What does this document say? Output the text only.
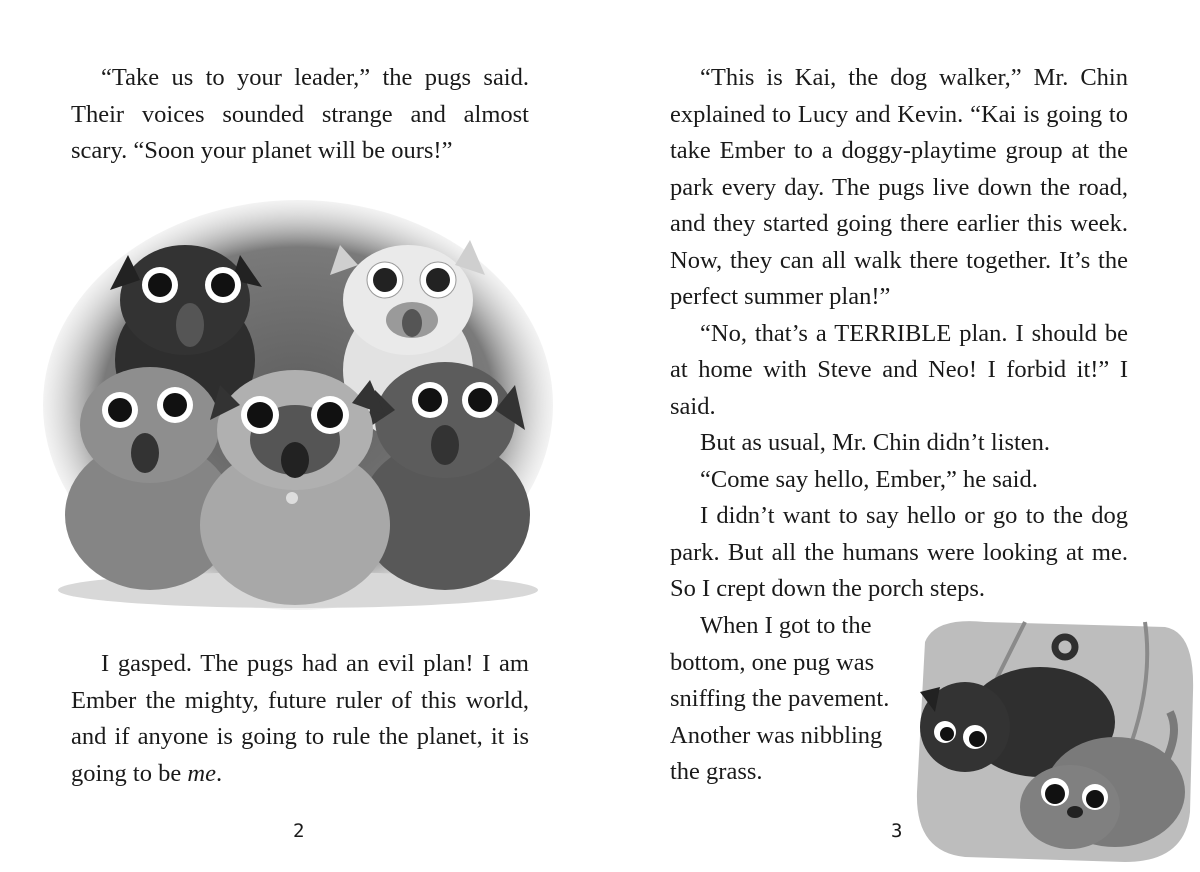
“Take us to your leader,” the pugs said. Their voices sounded strange and almost scary. “Soon your planet will be ours!”

I gasped. The pugs had an evil plan! I am Ember the mighty, future ruler of this world, and if anyone is going to rule the planet, it is going to be me.

2

“This is Kai, the dog walker,” Mr. Chin explained to Lucy and Kevin. “Kai is going to take Ember to a doggy-playtime group at the park every day. The pugs live down the road, and they started going there earlier this week. Now, they can all walk there together. It’s the perfect summer plan!”

“No, that’s a TERRIBLE plan. I should be at home with Steve and Neo! I forbid it!” I said.

But as usual, Mr. Chin didn’t listen.

“Come say hello, Ember,” he said.

I didn’t want to say hello or go to the dog park. But all the humans were looking at me. So I crept down the porch steps.

When I got to the

bottom, one pug was

sniffing the pavement.

Another was nibbling

the grass.

3
